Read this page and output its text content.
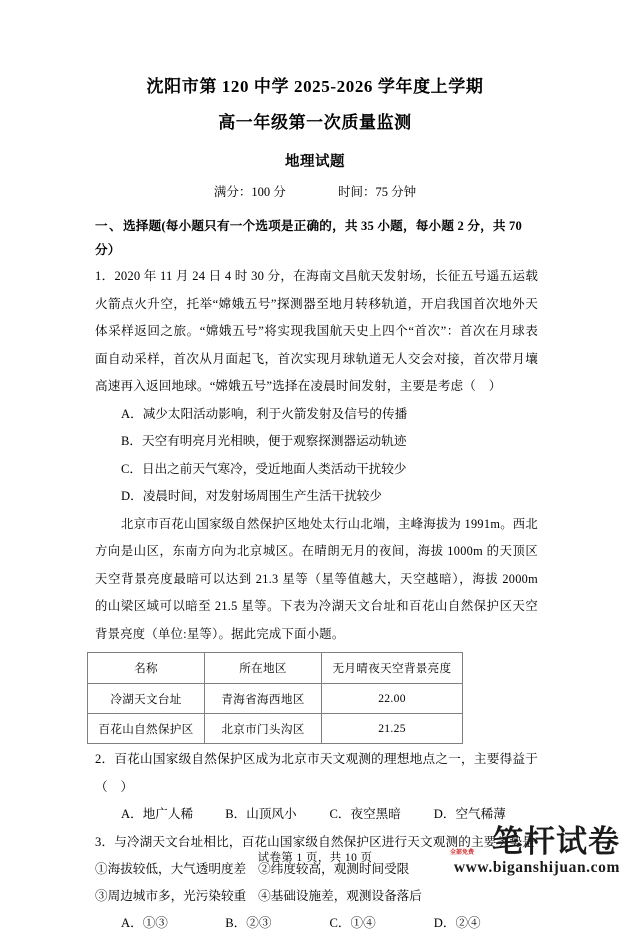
沈阳市第 120 中学 2025-2026 学年度上学期
高一年级第一次质量监测
地理试题
满分：100 分	时间：75 分钟
一、选择题(每小题只有一个选项是正确的，共 35 小题，每小题 2 分，共 70 分）
1．2020 年 11 月 24 日 4 时 30 分，在海南文昌航天发射场，长征五号遥五运载火箭点火升空，托举“嫦娥五号”探测器至地月转移轨道，开启我国首次地外天体采样返回之旅。“嫦娥五号”将实现我国航天史上四个“首次”：首次在月球表面自动采样，首次从月面起飞，首次实现月球轨道无人交会对接，首次带月壤高速再入返回地球。“嫦娥五号”选择在凌晨时间发射，主要是考虑（　）
A．减少太阳活动影响，利于火箭发射及信号的传播
B．天空有明亮月光相映，便于观察探测器运动轨迹
C．日出之前天气寒冷，受近地面人类活动干扰较少
D．凌晨时间，对发射场周围生产生活干扰较少
北京市百花山国家级自然保护区地处太行山北端，主峰海拔为 1991m。西北方向是山区，东南方向为北京城区。在晴朗无月的夜间，海拔 1000m 的天顶区天空背景亮度最暗可以达到 21.3 星等（星等值越大，天空越暗），海拔 2000m 的山梁区域可以暗至 21.5 星等。下表为冷湖天文台址和百花山自然保护区天空背景亮度（单位:星等）。据此完成下面小题。
名称	所在地区	无月晴夜天空背景亮度
冷湖天文台址	青海省海西地区	22.00
百花山自然保护区	北京市门头沟区	21.25
2．百花山国家级自然保护区成为北京市天文观测的理想地点之一，主要得益于（　）
A．地广人稀	B．山顶风小	C．夜空黑暗	D．空气稀薄
3．与冷湖天文台址相比，百花山国家级自然保护区进行天文观测的主要劣势是
①海拔较低，大气透明度差 ②纬度较高，观测时间受限
③周边城市多，光污染较重 ④基础设施差，观测设备落后
A．①③	B．②③	C．①④	D．②④
试卷第 1 页，共 10 页	笔杆试卷
www.biganshijuan.com
全部免费
